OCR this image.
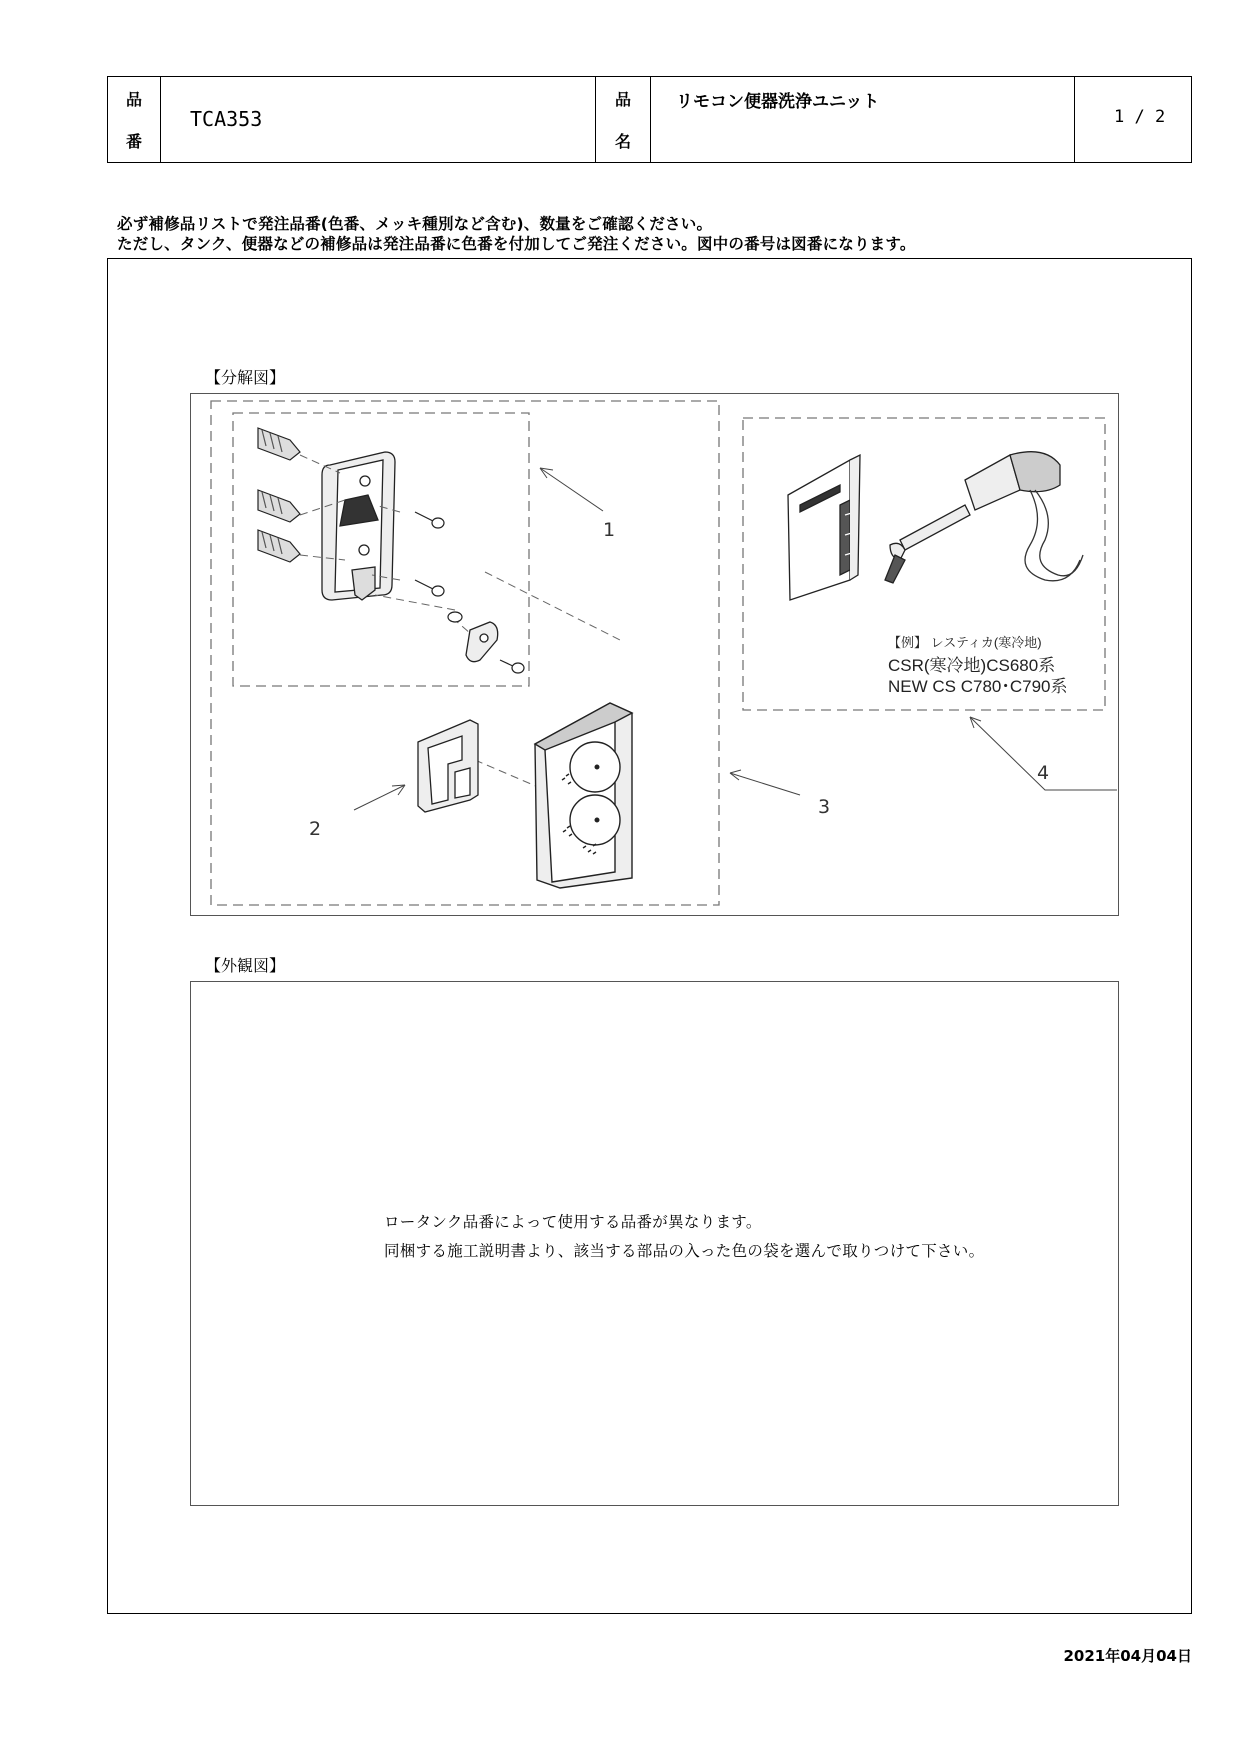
品
番
TCA353
品
名
リモコン便器洗浄ユニット
1 / 2
必ず補修品リストで発注品番(色番、メッキ種別など含む)、数量をご確認ください。
ただし、タンク、便器などの補修品は発注品番に色番を付加してご発注ください。図中の番号は図番になります。
【分解図】
1
2
3
4
【例】 レスティカ(寒冷地)
CSR(寒冷地)CS680系
NEW CS C780･C790系
【外観図】
ロータンク品番によって使用する品番が異なります。
同梱する施工説明書より、該当する部品の入った色の袋を選んで取りつけて下さい。
2021年04月04日
